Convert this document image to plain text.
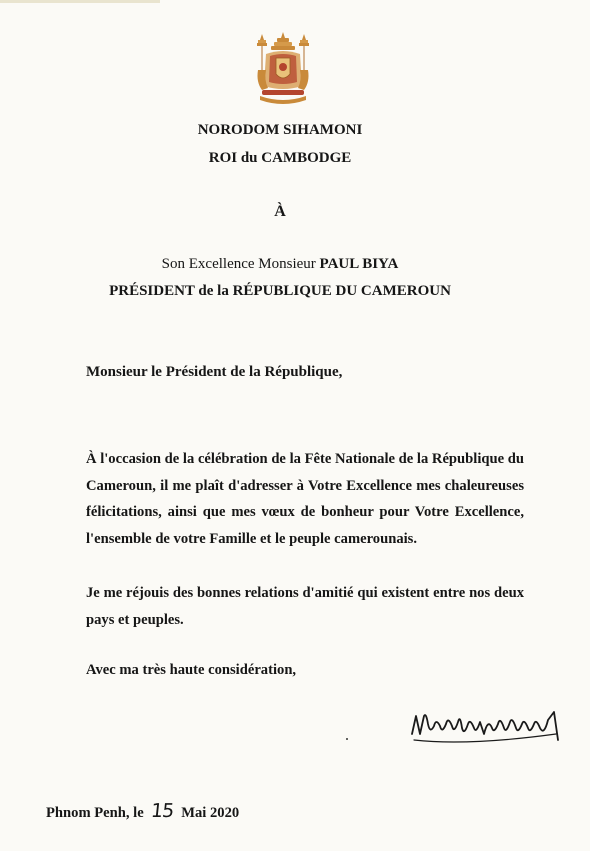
NORODOM SIHAMONI
ROI du CAMBODGE
À
Son Excellence Monsieur PAUL BIYA
PRÉSIDENT de la RÉPUBLIQUE DU CAMEROUN
Monsieur le Président de la République,

À l'occasion de la célébration de la Fête Nationale de la République du Cameroun, il me plaît d'adresser à Votre Excellence mes chaleureuses félicitations, ainsi que mes vœux de bonheur pour Votre Excellence, l'ensemble de votre Famille et le peuple camerounais.

Je me réjouis des bonnes relations d'amitié qui existent entre nos deux pays et peuples.

Avec ma très haute considération,
Phnom Penh, le 15 Mai 2020
